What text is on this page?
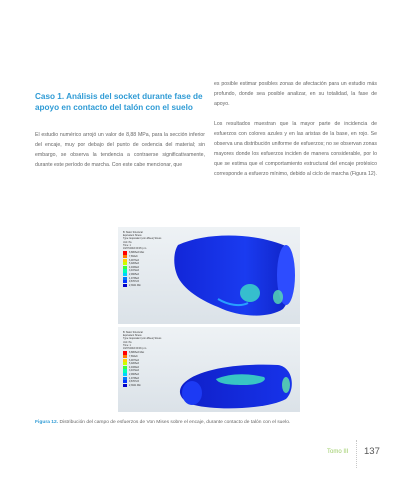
Caso 1. Análisis del socket durante fase de apoyo en contacto del talón con el suelo
El estudio numérico arrojó un valor de 8,88 MPa, para la sección inferior del encaje, muy por debajo del punto de cedencia del material; sin embargo, se observa la tendencia a contraerse significativamente, durante este período de marcha. Con este cabe mencionar, que

es posible estimar posibles zonas de afectación para un estudio más profundo, donde sea posible analizar, en su totalidad, la fase de apoyo.

Los resultados muestran que la mayor parte de incidencia de esfuerzos con colores azules y en las aristas de la base, en rojo. Se observa una distribución uniforme de esfuerzos; no se observan zonas mayores donde los esfuerzos inciden de manera considerable, por lo que se estima que el comportamiento estructural del encaje protésico corresponde a esfuerzo mínimo, debido al ciclo de marcha (Figura 12).

B: Static Structural
Equivalent Stress
Type: Equivalent (von-Mises) Stress
Unit: Pa
Time: 1
16/07/2016 09:45 p.m.
8,8806e6 Max
7,894e6
6,9073e6
5,9206e6
4,9339e6
3,9472e6
2,9605e6
1,9738e6
9,8707e5
2,3641 Min
B: Static Structural
Equivalent Stress
Type: Equivalent (von-Mises) Stress
Unit: Pa
Time: 1
16/07/2016 09:46 p.m.
8,8806e6 Max
7,894e6
6,9073e6
5,9206e6
4,9339e6
3,9472e6
2,9605e6
1,9738e6
9,8707e5
2,3641 Min
Figura 12. Distribución del campo de esfuerzos de Von Mises sobre el encaje, durante contacto de talón con el suelo.
Tomo III 137
